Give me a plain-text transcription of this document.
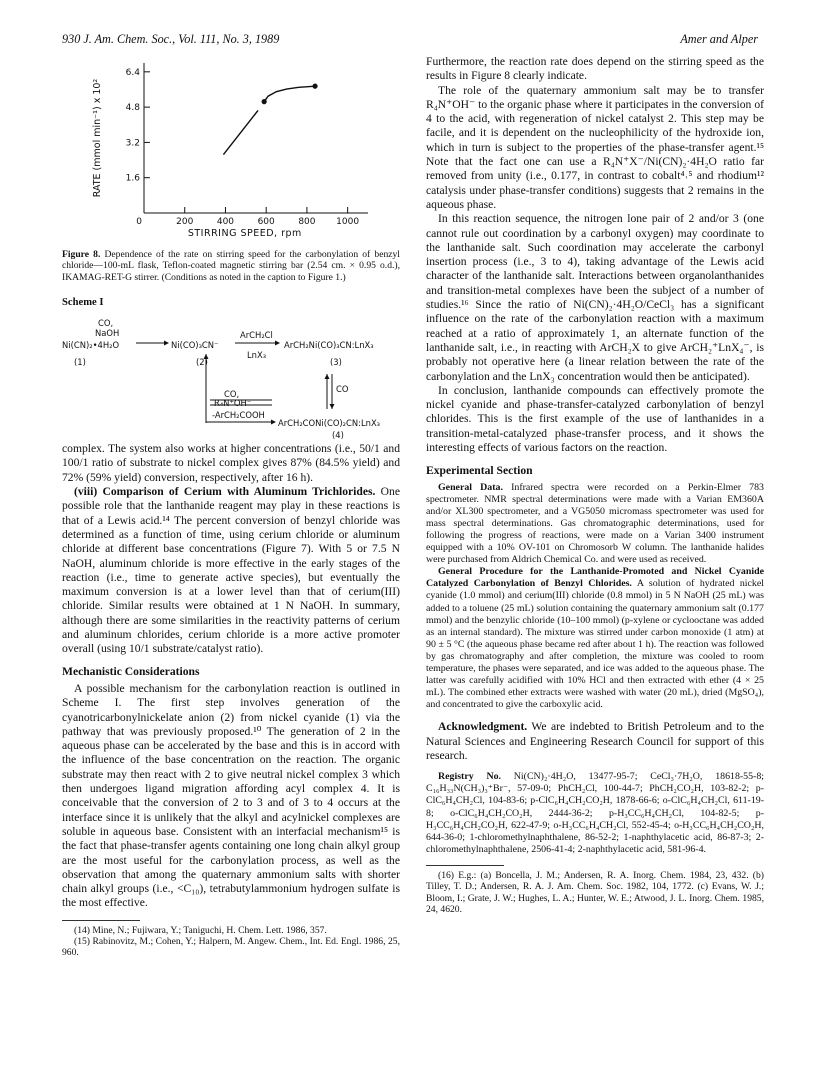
930 J. Am. Chem. Soc., Vol. 111, No. 3, 1989	Amer and Alper
200	400	600	800 1000
0
1.6
3.2
4.8
6.4
STIRRING SPEED, rpm
RATE (mmol min⁻¹) x 10²
Figure 8. Dependence of the rate on stirring speed for the carbonylation of benzyl chloride—100-mL flask, Teflon-coated magnetic stirring bar (2.54 cm. × 0.95 o.d.), IKAMAG-RET-G stirrer. (Conditions as noted in the caption to Figure 1.)
Scheme I
CO,
NaOH
Ni(CN)₂•4H₂O	Ni(CO)₃CN⁻
ArCH₂Cl
LnX₃
ArCH₂Ni(CO)₃CN:LnX₃
(1)	(2)	(3)
CO,
R₄N⁺OH⁻
-ArCH₂COOH
CO
ArCH₂CONi(CO)₂CN:LnX₃
(4)

complex. The system also works at higher concentrations (i.e., 50/1 and 100/1 ratio of substrate to nickel complex gives 87% (84.5% yield) and 72% (59% yield) conversion, respectively, after 16 h).

(viii) Comparison of Cerium with Aluminum Trichlorides. One possible role that the lanthanide reagent may play in these reactions is that of a Lewis acid.¹⁴ The percent conversion of benzyl chloride was determined as a function of time, using cerium chloride or aluminum chloride at different base concentrations (Figure 7). With 5 or 7.5 N NaOH, aluminum chloride is more effective in the early stages of the reaction (i.e., time to generate active species), but eventually the maximum conversion is at a lower level than that of cerium(III) chloride. Similar results were obtained at 1 N NaOH. In summary, although there are some similarities in the reactivity patterns of cerium and aluminum chlorides, cerium chloride is a more active promoter overall (using 10/1 substrate/catalyst ratio).

Mechanistic Considerations

A possible mechanism for the carbonylation reaction is outlined in Scheme I. The first step involves generation of the cyanotricarbonylnickelate anion (2) from nickel cyanide (1) via the pathway that was previously proposed.¹⁰ The generation of 2 in the aqueous phase can be accelerated by the base and this is in accord with the influence of the base concentration on the reaction. The organic substrate may then react with 2 to give neutral nickel complex 3 which then undergoes ligand migration affording acyl complex 4. It is conceivable that the conversion of 2 to 3 and of 3 to 4 occurs at the interface since it is unlikely that the alkyl and acylnickel complexes are soluble in aqueous base. Consistent with an interfacial mechanism¹⁵ is the fact that phase-transfer agents containing one long chain alkyl group are the most useful for the carbonylation process, as well as the observation that among the quaternary ammonium salts with shorter chain alkyl groups (i.e., <C₁₀), tetrabutylammonium hydrogen sulfate is the most effective.

(14) Mine, N.; Fujiwara, Y.; Taniguchi, H. Chem. Lett. 1986, 357.
(15) Rabinovitz, M.; Cohen, Y.; Halpern, M. Angew. Chem., Int. Ed. Engl. 1986, 25, 960.

Furthermore, the reaction rate does depend on the stirring speed as the results in Figure 8 clearly indicate.

The role of the quaternary ammonium salt may be to transfer R₄N⁺OH⁻ to the organic phase where it participates in the conversion of 4 to the acid, with regeneration of nickel catalyst 2. This step may be facile, and it is dependent on the nucleophilicity of the hydroxide ion, which in turn is subject to the properties of the phase-transfer agent.¹⁵ Note that the fact one can use a R₄N⁺X⁻/Ni(CN)₂·4H₂O ratio far removed from unity (i.e., 0.177, in contrast to cobalt⁴˒⁵ and rhodium¹² catalysis under phase-transfer conditions) suggests that 2 remains in the aqueous phase.

In this reaction sequence, the nitrogen lone pair of 2 and/or 3 (one cannot rule out coordination by a carbonyl oxygen) may coordinate to the lanthanide salt. Such coordination may accelerate the carbonyl insertion process (i.e., 3 to 4), taking advantage of the Lewis acid character of the lanthanide salt. Interactions between organolanthanides and transition-metal complexes have been the subject of a number of studies.¹⁶ Since the ratio of Ni(CN)₂·4H₂O/CeCl₃ has a significant influence on the rate of the carbonylation reaction with a maximum reached at a ratio of approximately 1, an alternate function of the lanthanide salt, i.e., in reacting with ArCH₂X to give ArCH₂⁺LnX₄⁻, is probably not operative here (a linear relation between the rate of the carbonylation and the LnX₃ concentration would then be anticipated).

In conclusion, lanthanide compounds can effectively promote the nickel cyanide and phase-transfer-catalyzed carbonylation of benzyl chlorides. This is the first example of the use of lanthanides in a transition-metal-catalyzed phase-transfer process, and it shows the interesting effects of various factors on the reaction.

Experimental Section

General Data. Infrared spectra were recorded on a Perkin-Elmer 783 spectrometer. NMR spectral determinations were made with a Varian EM360A and/or XL300 spectrometer, and a VG5050 micromass spectrometer was used for mass spectral determinations. Gas chromatographic determinations, used for following the progress of reactions, were made on a Varian 3400 instrument equipped with a 10% OV-101 on Chromosorb W column. The lanthanide halides were purchased from Aldrich Chemical Co. and were used as received.

General Procedure for the Lanthanide-Promoted and Nickel Cyanide Catalyzed Carbonylation of Benzyl Chlorides. A solution of hydrated nickel cyanide (1.0 mmol) and cerium(III) chloride (0.8 mmol) in 5 N NaOH (25 mL) was added to a toluene (25 mL) solution containing the quaternary ammonium salt (0.177 mmol) and the benzylic chloride (10–100 mmol) (p-xylene or cyclooctane was added as an internal standard). The mixture was stirred under carbon monoxide (1 atm) at 90 ± 5 °C (the aqueous phase became red after about 1 h). The reaction was followed by gas chromatography and after completion, the mixture was cooled to room temperature, the phases were separated, and ice was added to the aqueous phase. The latter was carefully acidified with 10% HCl and then extracted with ether (4 × 25 mL). The combined ether extracts were washed with water (20 mL), dried (MgSO₄), and concentrated to give the carboxylic acid.

Acknowledgment. We are indebted to British Petroleum and to the Natural Sciences and Engineering Research Council for support of this research.

Registry No. Ni(CN)₂·4H₂O, 13477-95-7; CeCl₃·7H₂O, 18618-55-8; C₁₆H₃₃N(CH₃)₃⁺Br⁻, 57-09-0; PhCH₂Cl, 100-44-7; PhCH₂CO₂H, 103-82-2; p-ClC₆H₄CH₂Cl, 104-83-6; p-ClC₆H₄CH₂CO₂H, 1878-66-6; o-ClC₆H₄CH₂Cl, 611-19-8; o-ClC₆H₄CH₂CO₂H, 2444-36-2; p-H₃CC₆H₄CH₂Cl, 104-82-5; p-H₃CC₆H₄CH₂CO₂H, 622-47-9; o-H₃CC₆H₄CH₂Cl, 552-45-4; o-H₃CC₆H₄CH₂CO₂H, 644-36-0; 1-chloromethylnaphthalene, 86-52-2; 1-naphthylacetic acid, 86-87-3; 2-chloromethylnaphthalene, 2506-41-4; 2-naphthylacetic acid, 581-96-4.

(16) E.g.: (a) Boncella, J. M.; Andersen, R. A. Inorg. Chem. 1984, 23, 432. (b) Tilley, T. D.; Andersen, R. A. J. Am. Chem. Soc. 1982, 104, 1772. (c) Evans, W. J.; Bloom, I.; Grate, J. W.; Hughes, L. A.; Hunter, W. E.; Atwood, J. L. Inorg. Chem. 1985, 24, 4620.
